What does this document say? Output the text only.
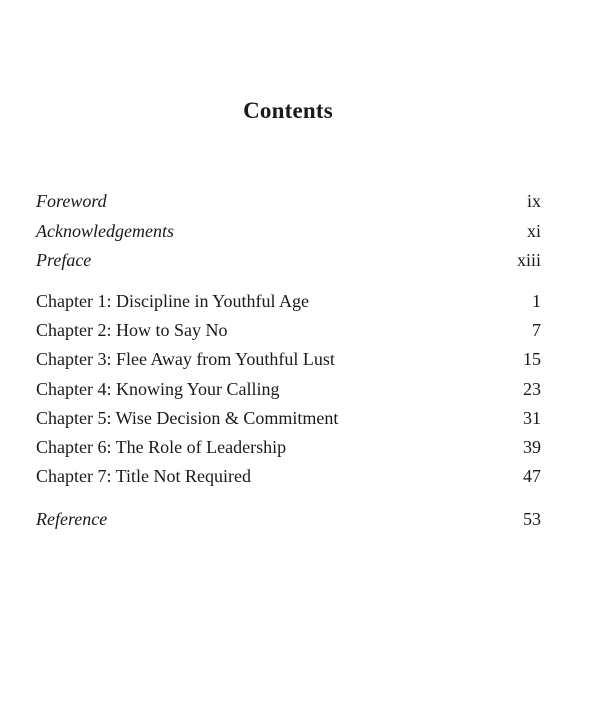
Contents
Foreword	ix
Acknowledgements	xi
Preface	xiii
Chapter 1: Discipline in Youthful Age	1
Chapter 2: How to Say No	7
Chapter 3: Flee Away from Youthful Lust	15
Chapter 4: Knowing Your Calling	23
Chapter 5: Wise Decision & Commitment	31
Chapter 6: The Role of Leadership	39
Chapter 7: Title Not Required	47
Reference	53
